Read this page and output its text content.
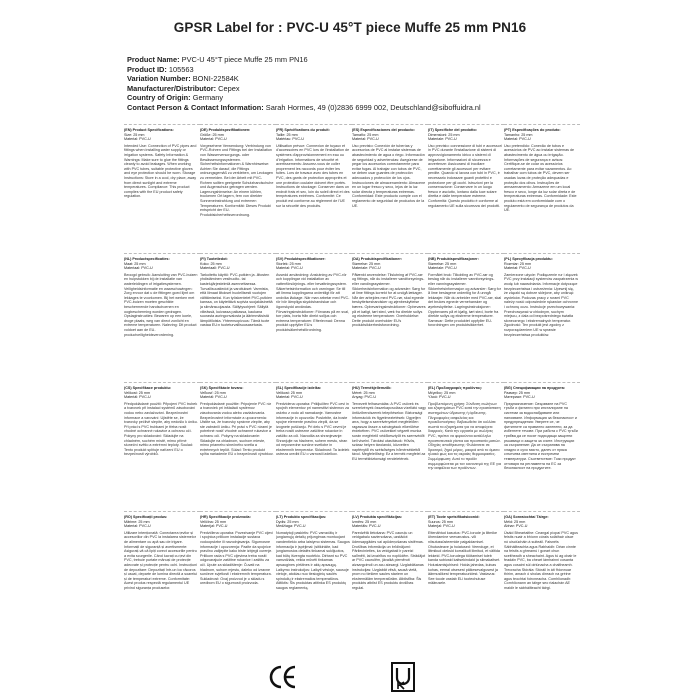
GPSR Label for : PVC-U 45°T piece Muffe 25 mm PN16
Product Name: PVC-U 45°T piece Muffe 25 mm PN16
Product ID: 105563
Variation Number: BONI-22584K
Manufacturer/Distributor: Cepex
Country of Origin: Germany
Contact Person & Contact Information: Sarah Hormes, 49 (0)2836 6999 002, Deutschland@siboffuidra.nl
(EN) Product Specifications:
Size: 25 mm
Material: PVC-U
Intended Use: Connection of PVC pipes and fittings when installing water supply or irrigation systems. Safety Information & Warnings: Make sure to glue the fittings cleanly to avoid leakages. When working with PVC tubes, suitable protective gloves and eye protection should be worn. Storage Instructions: Store in a cool, dry place, away from direct sunlight and extreme temperatures. Compliance: This product complies with the EU product safety regulation.
(DE) Produktspezifikationen:
Größe: 25 mm
Material: PVC-U
Vorgesehene Verwendung: Verbindung von PVC-Rohren und Fittings bei der Installation von Wasserversorgungs- oder Bewässerungssystemen. Sicherheitsinformationen & Warnhinweise: Achten Sie darauf, die Fittings ordnungsgemäß zu verkleben, um Leckagen zu vermeiden. Bei der Arbeit mit PVC-Rohren sollten geeignete Schutzhandschuhe und Augenschutz getragen werden. Lagerungshinweise: An einem kühlen, trockenen Ort lagern, fern von direkter Sonneneinstrahlung und extremen Temperaturen. Konformität: Dieses Produkt entspricht der EU-Produktsicherheitsverordnung.
(FR) Spécifications du produit:
Taille: 25 mm
Matériau: PVC-U
Utilisation prévue: Connexion de tuyaux et d'accessoires en PVC lors de l'installation de systèmes d'approvisionnement en eau ou d'irrigation. Informations de sécurité et avertissements: Assurez-vous de coller proprement les raccords pour éviter les fuites. Lors de travaux avec des tubes en PVC, des gants de protection appropriés et une protection oculaire doivent être portés. Instructions de stockage: Conserver dans un endroit frais et sec, loin du soleil direct et des températures extrêmes. Conformité: Ce produit est conforme au règlement de l'UE sur la sécurité des produits.
(ES) Especificaciones del producto:
Tamaño: 25 mm
Material: PVC-U
Uso previsto: Conexión de tuberías y accesorios de PVC al instalar sistemas de abastecimiento de agua o riego. Información de seguridad y advertencias: Asegúrese de pegar los accesorios correctamente para evitar fugas. Al trabajar con tubos de PVC, se deben usar guantes de protección adecuados y protección de los ojos. Instrucciones de almacenamiento: Almacene en un lugar fresco y seco, lejos de la luz solar directa y temperaturas extremas. Conformidad: Este producto cumple con el reglamento de seguridad de productos de la UE.
(IT) Specifiche del prodotto:
Dimensioni: 25 mm
Materiale: PVC-U
Uso previsto: connessione di tubi e accessori in PVC durante l'installazione di sistemi di approvvigionamento idrico o sistemi di irrigazione. Informazioni di sicurezza e avvertenze: Assicurarsi di incollare correttamente gli accessori per evitare perdite. Quando si lavora con tubi in PVC, è necessario indossare guanti protettivi e protezione per gli occhi. Istruzioni per la conservazione: Conservare in un luogo fresco e asciutto, lontano dalla luce solare diretta e dalle temperature estreme. Conformità: Questo prodotto è conforme al regolamento UE sulla sicurezza dei prodotti.
(PT) Especificações do produto:
Tamanho: 25 mm
Material: PVC-U
Uso pretendido: Conexão de tubos e acessórios de PVC ao instalar sistemas de abastecimento de água ou irrigação. Informações de segurança e avisos: Certifique-se de colar os acessórios corretamente para evitar vazamentos. Ao trabalhar com tubos de PVC, devem ser usadas luvas de proteção adequadas e proteção dos olhos. Instruções de armazenamento: Armazene em um local fresco e seco, longe da luz solar direta e de temperaturas extremas. Conformidade: Este produto está em conformidade com o regulamento de segurança de produtos da UE.
(NL) Productspecificaties:
Maat: 25 mm
Materiaal: PVC-U
Beoogd gebruik: Aansluiting van PVC-buizen en hulpstukken bij de installatie van waterleidingen of irrigatiesystemen. Veiligheidsinformatie en waarschuwingen: Zorg ervoor dat u de fittingen goed lijmt om lekkages te voorkomen. Bij het werken met PVC-buizen moeten geschikte beschermende handschoenen en oogbescherming worden gedragen. Opslaginstructies: Bewaren op een koele, droge plaats, weg van direct zonlicht en extreme temperaturen. Naleving: Dit product voldoet aan de EU-productveiligheidsverordening.
(FI) Tuotetiedot:
Koko: 25 mm
Materiaali: PVC-U
Tarkoitettu käyttö: PVC-putkien ja -liitosten yhdistäminen vesihuolto- tai kastelujärjestelmiä asennettaessa. Turvallisuustiedot ja varoitukset: Varmista, että liimaat liitokset huolellisesti vuotojen välttämiseksi. Kun työskentelet PVC-putkien kanssa, on käytettävä sopivia suojakäsineitä ja silmänsuojausta. Säilytysohjeet: Säilytä viileässä, kuivassa paikassa, kaukana suorasta auringonvalosta ja äärimmäisistä lämpötiloista. Yhteensopivuus: Tämä tuote vastaa EU:n tuoteturvallisuusasetusta.
(SV) Produktspecifikationer:
Storlek: 25 mm
Material: PVC-U
Avsedd användning: Anslutning av PVC-rör och kopplingar vid installation av vattenförsörjnings- eller bevattningssystem. Säkerhetsinformation och varningar: Se till att limma kopplingarna ordentligt för att undvika läckage. När man arbetar med PVC-rör bör lämpliga skyddshandskar och ögonskydd användas. Förvaringsinstruktioner: Förvaras på en sval, torr plats, borta från direkt solljus och extrema temperaturer. Efterlevnad: Denna produkt uppfyller EU:s produktsäkerhetsförordning.
(DA) Produktspecifikationer:
Størrelse: 25 mm
Materiale: PVC-U
Påtænkt anvendelse: Tilslutning af PVC-rør og fittings, når du installerer vandforsynings- eller vandingssystemer. Sikkerhedsinformation og advarsler: Sørg for at lime fittings korrekt for at undgå lækager. Når der arbejdes med PVC-rør, skal egnede beskyttelseshandsker og øjenbeskyttelse bæres. Opbevaringsinstruktioner: Opbevares på et køligt, tørt sted, væk fra direkte sollys og ekstreme temperaturer. Overholdelse: Dette produkt overholder EU's produktsikkerhedsforordning.
(NB) Produktspesifikasjoner:
Størrelse: 25 mm
Materiale: PVC-U
Formålet bruk: Tilkobling av PVC-rør og beslag når du installerer vannforsynings- eller vanningssystemer. Sikkerhetsinformasjon og advarsler: Sørg for å lime beslagene ordentlig for å unngå lekkasjer. Når du arbeider med PVC-rør, skal det brukes egnede vernehansker og øyebeskyttelse. Lagringsinstruksjoner: Oppbevares på et kjølig, tørt sted, borte fra direkte sollys og ekstreme temperaturer. Samsvar: Dette produktet oppfyller EU-forordningen om produktsikkerhet.
(PL) Specyfikacja produktu:
Rozmiar: 25 mm
Materiał: PVC-U
Zamierzone użycie: Podłączenie rur i złączek PVC przy instalacji systemów zaopatrzenia w wodę lub nawadniania. Informacje dotyczące bezpieczeństwa i ostrzeżenia: Upewnij się, że złączki są dobrze sklejone, aby uniknąć wycieków. Podczas pracy z rurami PVC należy nosić odpowiednie rękawice ochronne i ochronę oczu. Instrukcje przechowywania: Przechowywać w chłodnym, suchym miejscu, z dala od bezpośredniego światła słonecznego i ekstremalnych temperatur. Zgodność: Ten produkt jest zgodny z rozporządzeniem UE w sprawie bezpieczeństwa produktów.
(CS) Specifikace produktu:
Velikost: 25 mm
Materiál: PVC-U
Předpokládané použití: Připojení PVC trubek a tvarovek při instalaci systémů zásobování vodou nebo zavlažování. Bezpečnostní informace a varování: Ujistěte se, že tvarovky pečlivě slepíte, aby nedošlo k úniku. Při práci s PVC trubkami je třeba nosit vhodné ochranné rukavice a ochranu očí. Pokyny pro skladování: Skladujte na chladném, suchém místě, mimo přímé sluneční světlo a extrémní teploty. Soulad: Tento produkt splňuje nařízení EU o bezpečnosti výrobků.
(SK) Špecifikácie tovaru:
Veľkosť: 25 mm
Materiál: PVC-U
Predpokladané použitie: Pripojenie PVC rúr a tvaroviek pri inštalácii systémov zásobovania vodou alebo zavlažovania. Bezpečnostné informácie a upozornenia: Uistite sa, že tvarovky správne zlepíte, aby ste zabránili úniku. Pri práci s PVC rúrami je potrebné nosiť vhodné ochranné rukavice a ochranu očí. Pokyny na skladovanie: Skladujte na chladnom, suchom mieste, mimo priameho slnečného svetla a extrémnych teplôt. Súlad: Tento produkt spĺňa nariadenie EÚ o bezpečnosti výrobkov.
(SL) Specifikacije izdelka:
Velikost: 25 mm
Material: PVC-U
Predvidena uporaba: Priključitev PVC cevi in spojnih elementov pri namestitvi sistemov za oskrbo z vodo ali namakanje. Varnostne informacije in opozorila: Poskrbite, da boste spojne elemente pravilno zlepili, da se izognete puščanju. Pri delu s PVC cevmi je treba nositi ustrezne zaščitne rokavice in zaščito za oči. Navodila za shranjevanje: Shranjujte na hladnem, suhem mestu, stran od neposredne sončne svetlobe in ekstremnih temperatur. Skladnost: Ta izdelek ustreza uredbi EU o varnosti izdelkov.
(HU) Termékjellemzők:
Méret: 25 mm
Anyag: PVC-U
Tervezett felhasználás: A PVC csövek és szerelvények összekapcsolása vízellátó vagy öntözőrendszerek telepítésekor. Biztonsági információk és figyelmeztetések: Ügyeljen arra, hogy a szerelvényeket megfelelően ragassza össze a szivárgások elkerülése érdekében. PVC csövekkel végzett munka során megfelelő védőkesztyűt és szemvédőt kell viselni. Tárolási utasítások: Hűvös, száraz helyen tárolandó, közvetlen napfénytől és szélsőséges hőmérséklettől távol. Megfelelőség: Ez a termék megfelel az EU termékbiztonsági rendeletének.
(EL) Προδιαγραφές προϊόντος:
Μέγεθος: 25 mm
Υλικό: PVC-U
Προβλεπόμενη χρήση: Σύνδεση σωλήνων και εξαρτημάτων PVC κατά την εγκατάσταση συστημάτων ύδρευσης ή άρδευσης. Πληροφορίες ασφαλείας και προειδοποιήσεις: Βεβαιωθείτε ότι κολλάτε σωστά τα εξαρτήματα για να αποφύγετε διαρροές. Κατά την εργασία με σωλήνες PVC, πρέπει να φοριούνται κατάλληλα προστατευτικά γάντια και προστασία ματιών. Οδηγίες αποθήκευσης: Φυλάσσετε σε δροσερό, ξηρό μέρος, μακριά από το άμεσο ηλιακό φως και τις ακραίες θερμοκρασίες. Συμμόρφωση: Αυτό το προϊόν συμμορφώνεται με τον κανονισμό της ΕΕ για την ασφάλεια των προϊόντων.
(BG) Спецификации на продукта:
Размер: 25 mm
Материал: PVC-U
Предназначение: Свързване на PVC тръби и фитинги при инсталиране на системи за водоснабдяване или напояване. Информация за безопасност и предупреждения: Уверете се, че фитингите са правилно залепени, за да избегнете течове. При работа с PVC тръби трябва да се носят подходящи защитни ръкавици и защита за очите. Инструкции за съхранение: Да се съхранява на хладно и сухо място, далеч от пряка слънчева светлина и екстремни температури. Съответствие: Този продукт отговаря на регламента на ЕС за безопасност на продуктите.
(RO) Specificații produs:
Mărime: 25 mm
Material: PVC-U
Utilizare intenționată: Conectarea țevilor și accesoriilor din PVC la instalarea sistemelor de alimentare cu apă sau de irigare. Informații de siguranță și avertismente: Asigurați-vă că lipiți corect accesoriile pentru a evita scurgerile. Când lucrați cu țevi din PVC, trebuie purtate mănuși de protecție adecvate și protecție pentru ochi. Instrucțiuni de depozitare: Depozitați într-un loc răcoros și uscat, departe de lumina directă a soarelui și de temperaturi extreme. Conformitate: Acest produs respectă regulamentul UE privind siguranța produselor.
(HR) Specifikacije proizvoda:
Veličina: 25 mm
Materijal: PVC-U
Predviđena uporaba: Povezivanje PVC cijevi i spojnica prilikom instalacije sustava vodoopskrbe ili navodnjavanja. Sigurnosne informacije i upozorenja: Pazite da spojnice pravilno zalijepite kako biste izbjegli curenje. Prilikom rada s PVC cijevima treba nositi odgovarajuće zaštitne rukavice i zaštitu za oči. Upute za skladištenje: Čuvati na hladnom, suhom mjestu, daleko od izravne sunčeve svjetlosti i ekstremnih temperatura. Sukladnost: Ovaj proizvod je u skladu s uredbom EU o sigurnosti proizvoda.
(LT) Produkto specifikacijos:
Dydis: 25 mm
Medžiaga: PVC-U
Numatytoji paskirtis: PVC vamzdžių ir jungiamųjų detalių prijungimas montuojant vandentiekio arba laistymo sistemas. Saugos informacija ir įspėjimai: Įsitikinkite, kad jungiamosios detalės tinkamai suklijuotos, kad būtų išvengta nuotėkio. Dirbant su PVC vamzdžiais, reikia mūvėti tinkamas apsaugines pirštines ir akių apsaugą. Laikymo instrukcijos: Laikyti vėsioje, sausoje vietoje, atokiau nuo tiesioginių saulės spindulių ir ekstremalios temperatūros. Atitiktis: Šis produktas atitinka ES produktų saugos reglamentą.
(LV) Produkta specifikācijas:
Izmērs: 25 mm
Materiāls: PVC-U
Paredzētā lietošana: PVC cauruļu un veidgabalu savienošana, uzstādot ūdensapgādes vai apūdeņošanas sistēmas. Drošības informācija un brīdinājumi: Pārliecinieties, ka veidgabali ir pareizi salīmēti, lai izvairītos no noplūdēm. Strādājot ar PVC caurulēm, jāvalkā piemēroti aizsargcimdi un acu aizsargi. Uzglabāšanas instrukcijas: Uzglabāt vēsā, sausā vietā, prom no tiešiem saules stariem un ekstremālām temperatūrām. Atbilstība: Šis produkts atbilst ES produktu drošības regulai.
(ET) Toote spetsifikatsioonid:
Suurus: 25 mm
Materjal: PVC-U
Ettenähtud kasutus: PVC-torude ja liitmike ühendamine veevarustus- või niisutussüsteemide paigaldamisel. Ohutusteave ja hoiatused: Veenduge, et liitmikud oleksid korralikult liimitud, et vältida lekkeid. PVC-torudega töötamisel tuleb kanda sobivaid kaitsekindaid ja silmakaitset. Hoiustamisjuhised: Hoida jahedas, kuivas kohas, eemal otsesest päikesevalgusest ja äärmuslikest temperatuuridest. Vastavus: See toode vastab ELi tooteohutuse määrusele.
(GA) Sonraíochtaí Táirge:
Méid: 25 mm
Ábhar: PVC-U
Úsáid Bheartaithe: Ceangal píopaí PVC agus feistis nuair a bhíonn córais soláthair uisce nó uisciúcháin á suiteáil. Faisnéis Sábháilteachta agus Rabhaidh: Déan cinnte na feistis a ghreamú i gceart chun sceitheadh a sheachaint. Agus tú ag obair le feadáin PVC, ba cheart lámhainní cosanta agus cosaint súl oiriúnacha a chaitheamh. Treoracha Stórála: Stóráil in áit fhionnuar thirim, amach ó sholas díreach na gréine agus teochtaí foircneacha. Comhlíonadh: Comhlíonann an táirge seo rialachán AE maidir le sábháilteacht táirgí.
